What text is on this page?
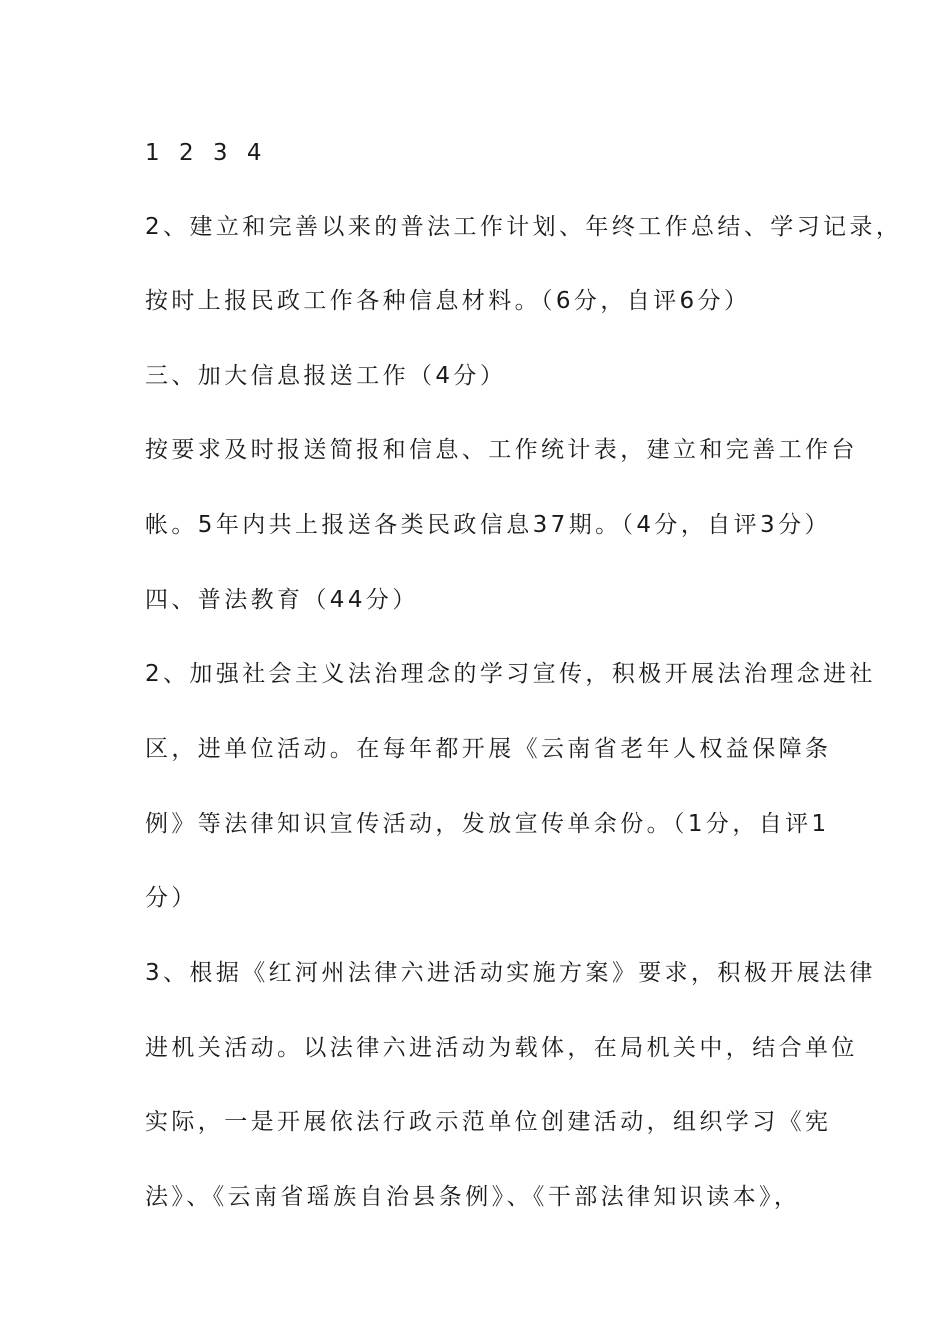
1 2 3 4
2、建立和完善以来的普法工作计划、年终工作总结、学习记录，
按时上报民政工作各种信息材料。（6分，自评6分）
三、加大信息报送工作（4分）
按要求及时报送简报和信息、工作统计表，建立和完善工作台
帐。5年内共上报送各类民政信息37期。（4分，自评3分）
四、普法教育（44分）
2、加强社会主义法治理念的学习宣传，积极开展法治理念进社
区，进单位活动。在每年都开展《云南省老年人权益保障条
例》等法律知识宣传活动，发放宣传单余份。（1分，自评1
分）
3、根据《红河州法律六进活动实施方案》要求，积极开展法律
进机关活动。以法律六进活动为载体，在局机关中，结合单位
实际，一是开展依法行政示范单位创建活动，组织学习《宪
法》、《云南省瑶族自治县条例》、《干部法律知识读本》，
